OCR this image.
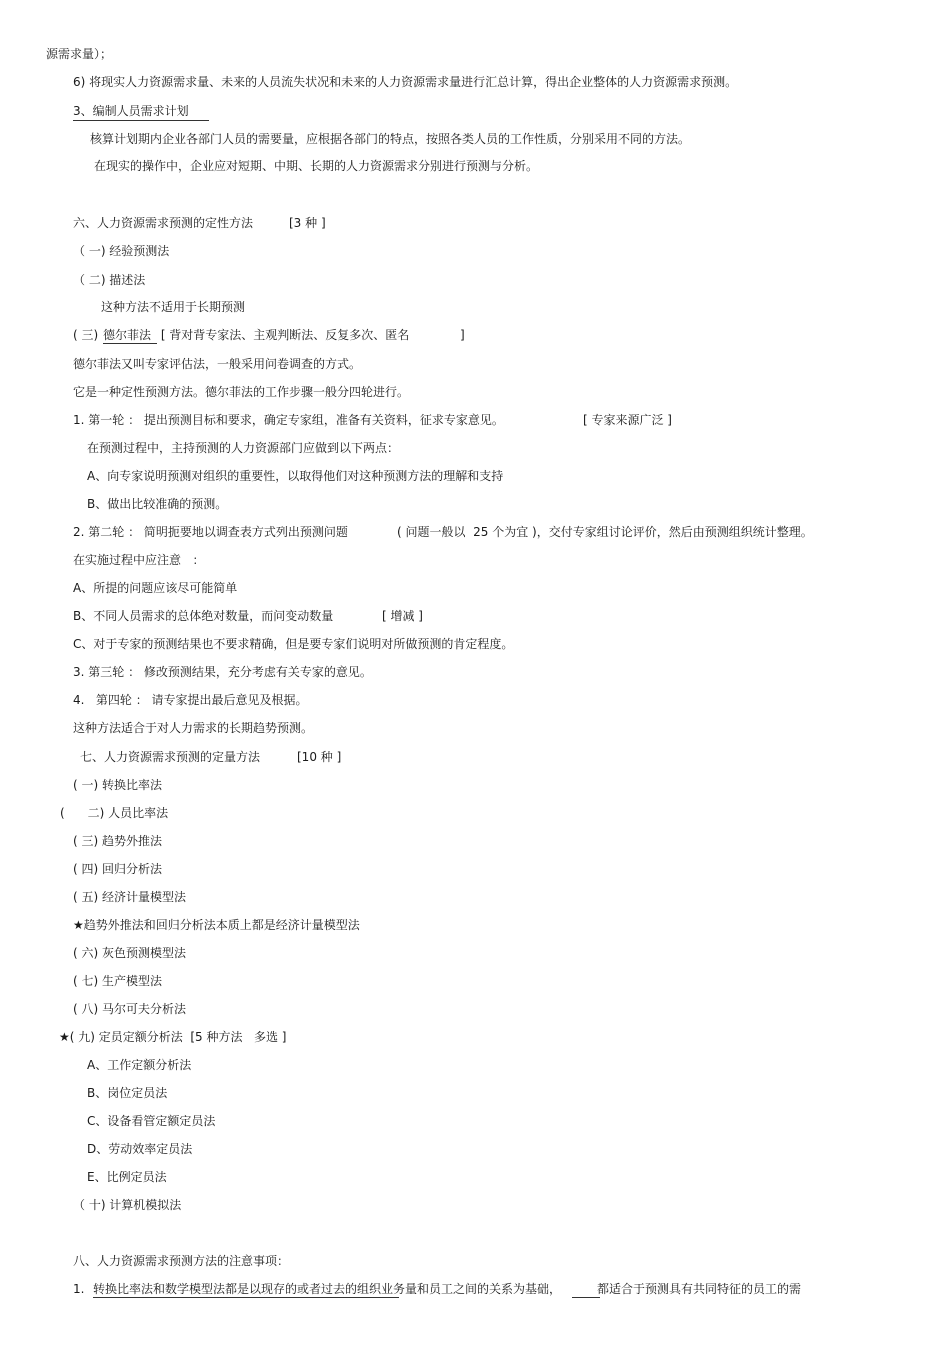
源需求量）；
6) 将现实人力资源需求量、未来的人员流失状况和未来的人力资源需求量进行汇总计算，得出企业整体的人力资源需求预测。
3、编制人员需求计划
核算计划期内企业各部门人员的需要量，应根据各部门的特点，按照各类人员的工作性质，分别采用不同的方法。
在现实的操作中，企业应对短期、中期、长期的人力资源需求分别进行预测与分析。
六、人力资源需求预测的定性方法	[3 种 ]
（ 一) 经验预测法
（ 二) 描述法
这种方法不适用于长期预测
( 三) 德尔菲法 [ 背对背专家法、主观判断法、反复多次、匿名	]
德尔菲法又叫专家评估法，一般采用问卷调查的方式。
它是一种定性预测方法。德尔菲法的工作步骤一般分四轮进行。
1. 第一轮 ： 提出预测目标和要求，确定专家组，准备有关资料，征求专家意见。	[ 专家来源广泛 ]
在预测过程中，主持预测的人力资源部门应做到以下两点：
A、向专家说明预测对组织的重要性，以取得他们对这种预测方法的理解和支持
B、做出比较准确的预测。
2. 第二轮 ： 简明扼要地以调查表方式列出预测问题	( 问题一般以  25 个为宜 )，交付专家组讨论评价，然后由预测组织统计整理。
在实施过程中应注意   ：
A、所提的问题应该尽可能简单
B、不同人员需求的总体绝对数量，而问变动数量	[ 增减 ]
C、对于专家的预测结果也不要求精确，但是要专家们说明对所做预测的肯定程度。
3. 第三轮 ： 修改预测结果，充分考虑有关专家的意见。
4.   第四轮 ： 请专家提出最后意见及根据。
这种方法适合于对人力需求的长期趋势预测。
七、人力资源需求预测的定量方法	[10 种 ]
( 一) 转换比率法
(      二) 人员比率法
( 三) 趋势外推法
( 四) 回归分析法
( 五) 经济计量模型法
★趋势外推法和回归分析法本质上都是经济计量模型法
( 六) 灰色预测模型法
( 七) 生产模型法
( 八) 马尔可夫分析法
★( 九) 定员定额分析法  [5 种方法   多选 ]
A、工作定额分析法
B、岗位定员法
C、设备看管定额定员法
D、劳动效率定员法
E、比例定员法
（ 十) 计算机模拟法
八、人力资源需求预测方法的注意事项：
1. 转换比率法和数学模型法都是以现存的或者过去的组织业务量和员工之间的关系为基础，	都适合于预测具有共同特征的员工的需
